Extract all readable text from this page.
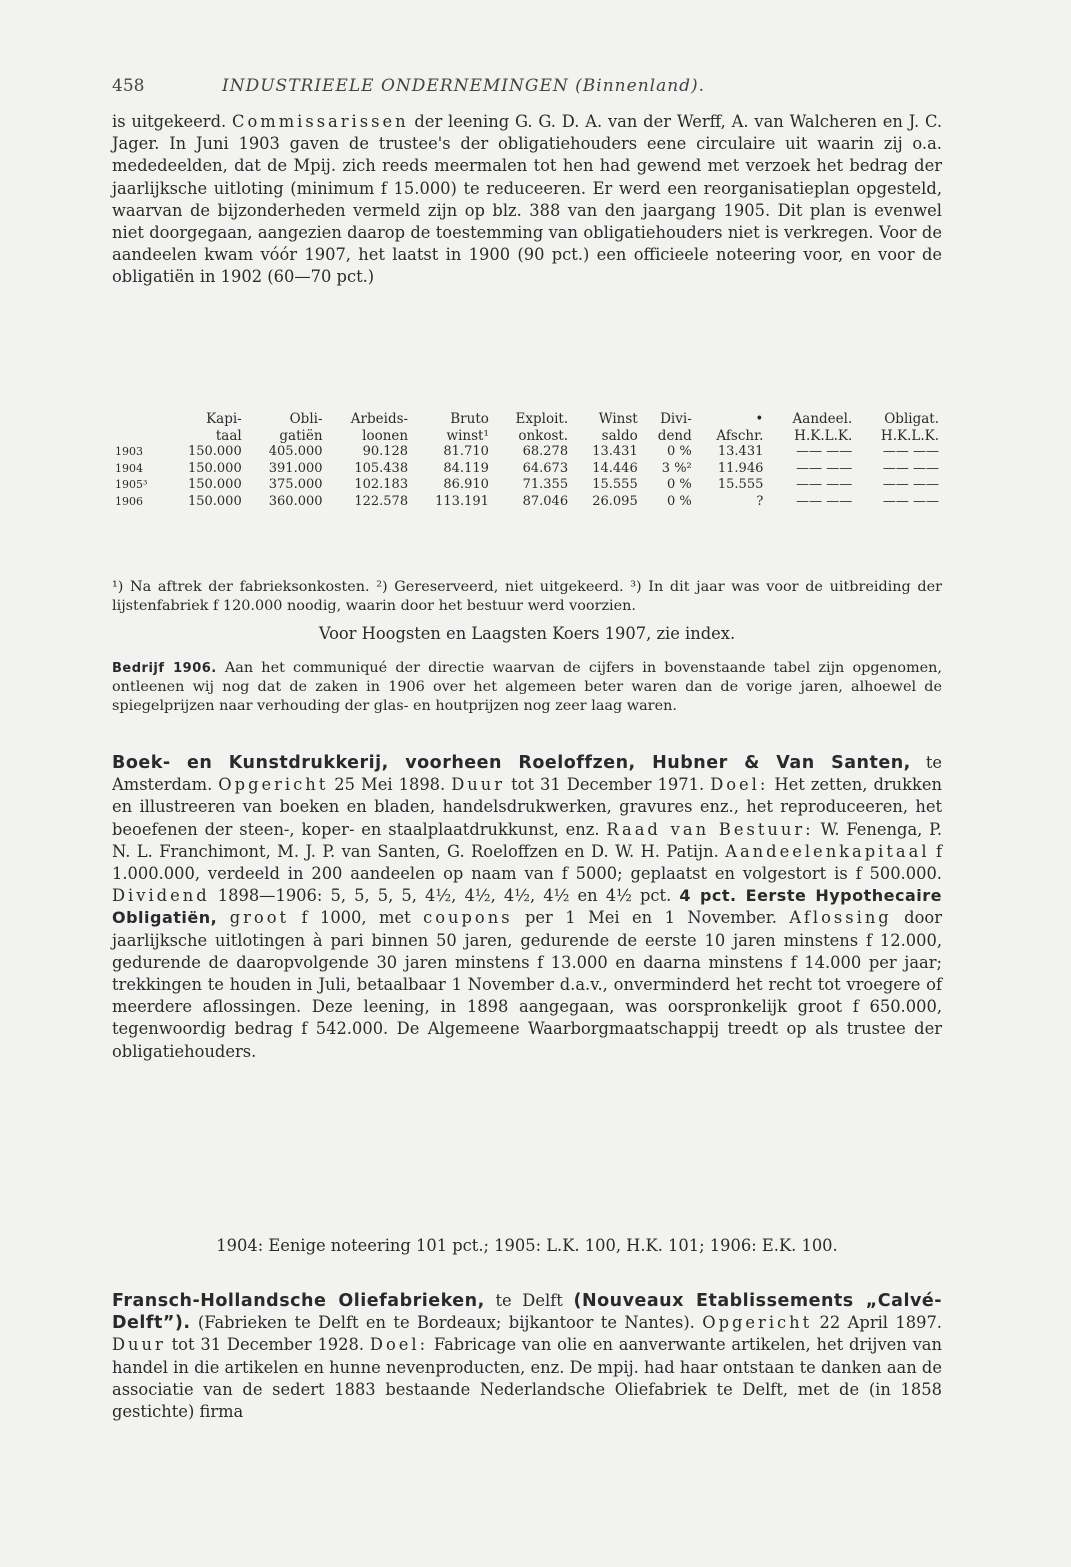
458	INDUSTRIEELE ONDERNEMINGEN (Binnenland).
is uitgekeerd. Commissarissen der leening G. G. D. A. van der Werff, A. van Walcheren en J. C. Jager. In Juni 1903 gaven de trustee's der obligatiehouders eene circulaire uit waarin zij o.a. mededeelden, dat de Mpij. zich reeds meermalen tot hen had gewend met verzoek het bedrag der jaarlijksche uitloting (minimum f 15.000) te reduceeren. Er werd een reorganisatieplan opgesteld, waarvan de bijzonderheden vermeld zijn op blz. 388 van den jaargang 1905. Dit plan is evenwel niet doorgegaan, aangezien daarop de toestemming van obligatiehouders niet is verkregen. Voor de aandeelen kwam vóór 1907, het laatst in 1900 (90 pct.) een officieele noteering voor, en voor de obligatiën in 1902 (60—70 pct.)
	Kapi-	Obli-	Arbeids-	Bruto	Exploit.	Winst	Divi-	•	Aandeel.	Obligat.
	taal	gatiën	loonen	winst¹	onkost.	saldo	dend	Afschr.	H.K.L.K.	H.K.L.K.
1903	150.000	405.000	90.128	81.710	68.278	13.431	0 %	13.431	—— ——	—— ——
1904	150.000	391.000	105.438	84.119	64.673	14.446	3 %²	11.946	—— ——	—— ——
1905³	150.000	375.000	102.183	86.910	71.355	15.555	0 %	15.555	—— ——	—— ——
1906	150.000	360.000	122.578	113.191	87.046	26.095	0 %	?	—— ——	—— ——
¹) Na aftrek der fabrieksonkosten. ²) Gereserveerd, niet uitgekeerd. ³) In dit jaar was voor de uitbreiding der lijstenfabriek f 120.000 noodig, waarin door het bestuur werd voorzien.
Voor Hoogsten en Laagsten Koers 1907, zie index.
Bedrijf 1906. Aan het communiqué der directie waarvan de cijfers in bovenstaande tabel zijn opgenomen, ontleenen wij nog dat de zaken in 1906 over het algemeen beter waren dan de vorige jaren, alhoewel de spiegelprijzen naar verhouding der glas- en houtprijzen nog zeer laag waren.
Boek- en Kunstdrukkerij, voorheen Roeloffzen, Hubner & Van Santen, te Amsterdam. Opgericht 25 Mei 1898. Duur tot 31 December 1971. Doel: Het zetten, drukken en illustreeren van boeken en bladen, handelsdrukwerken, gravures enz., het reproduceeren, het beoefenen der steen-, koper- en staalplaatdrukkunst, enz. Raad van Bestuur: W. Fenenga, P. N. L. Franchimont, M. J. P. van Santen, G. Roeloffzen en D. W. H. Patijn. Aandeelenkapitaal f 1.000.000, verdeeld in 200 aandeelen op naam van f 5000; geplaatst en volgestort is f 500.000. Dividend 1898—1906: 5, 5, 5, 5, 4½, 4½, 4½, 4½ en 4½ pct. 4 pct. Eerste Hypothecaire Obligatiën, groot f 1000, met coupons per 1 Mei en 1 November. Aflossing door jaarlijksche uitlotingen à pari binnen 50 jaren, gedurende de eerste 10 jaren minstens f 12.000, gedurende de daaropvolgende 30 jaren minstens f 13.000 en daarna minstens f 14.000 per jaar; trekkingen te houden in Juli, betaalbaar 1 November d.a.v., onverminderd het recht tot vroegere of meerdere aflossingen. Deze leening, in 1898 aangegaan, was oorspronkelijk groot f 650.000, tegenwoordig bedrag f 542.000. De Algemeene Waarborgmaatschappij treedt op als trustee der obligatiehouders.
1904: Eenige noteering 101 pct.; 1905: L.K. 100, H.K. 101; 1906: E.K. 100.
Fransch-Hollandsche Oliefabrieken, te Delft (Nouveaux Etablissements „Calvé-Delft”). (Fabrieken te Delft en te Bordeaux; bijkantoor te Nantes). Opgericht 22 April 1897. Duur tot 31 December 1928. Doel: Fabricage van olie en aanverwante artikelen, het drijven van handel in die artikelen en hunne nevenproducten, enz. De mpij. had haar ontstaan te danken aan de associatie van de sedert 1883 bestaande Nederlandsche Oliefabriek te Delft, met de (in 1858 gestichte) firma
